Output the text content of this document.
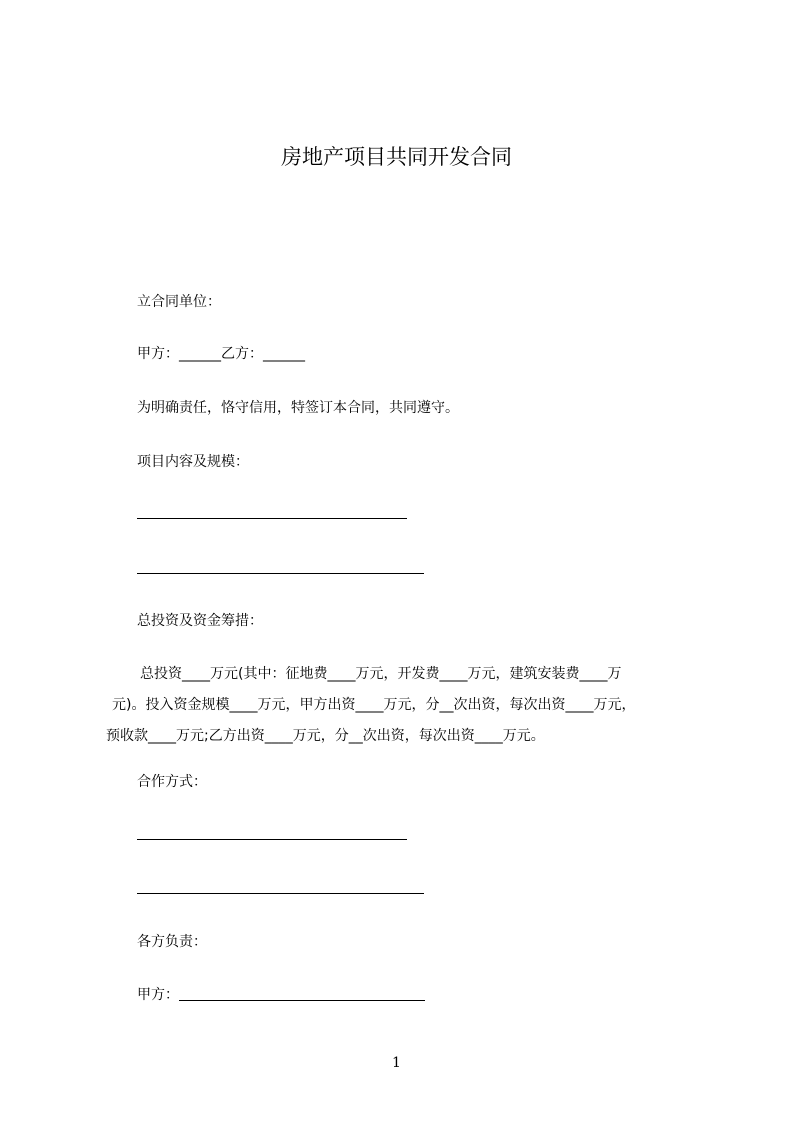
房地产项目共同开发合同
立合同单位：
甲方：______乙方：______
为明确责任，恪守信用，特签订本合同，共同遵守。
项目内容及规模：
总投资及资金筹措：
总投资____万元(其中：征地费____万元，开发费____万元，建筑安装费____万
元)。投入资金规模____万元，甲方出资____万元，分__次出资，每次出资____万元，
预收款____万元;乙方出资____万元，分__次出资，每次出资____万元。
合作方式：
各方负责：
甲方：
1
